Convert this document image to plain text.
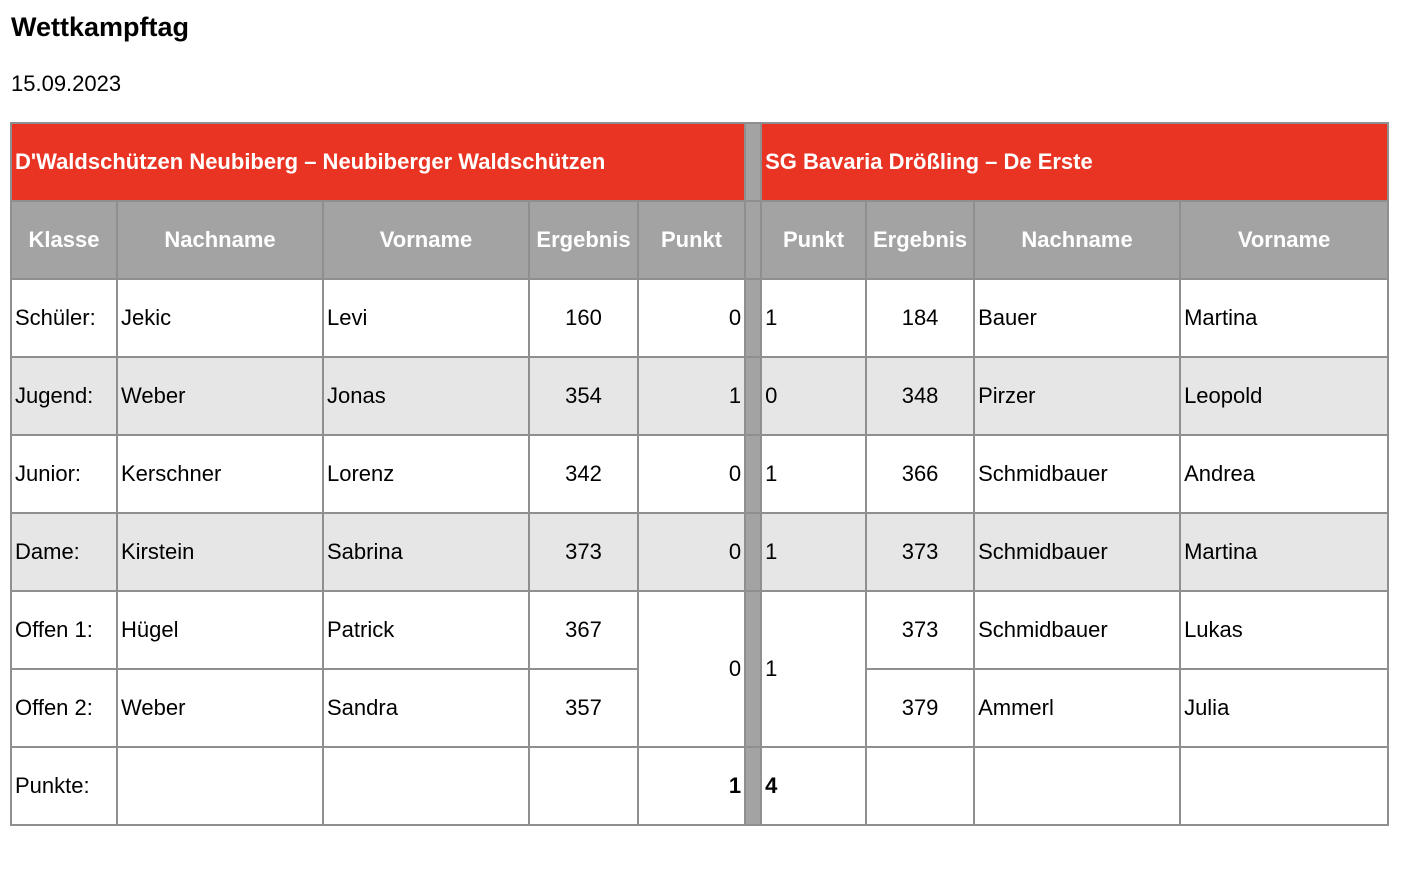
Wettkampftag

15.09.2023

D'Waldschützen Neubiberg – Neubiberger Waldschützen						SG Bavaria Drößling – De Erste			
Klasse	Nachname	Vorname	Ergebnis	Punkt		Punkt	Ergebnis	Nachname	Vorname
Schüler:	Jekic	Levi	160	0		1	184	Bauer	Martina
Jugend:	Weber	Jonas	354	1		0	348	Pirzer	Leopold
Junior:	Kerschner	Lorenz	342	0		1	366	Schmidbauer	Andrea
Dame:	Kirstein	Sabrina	373	0		1	373	Schmidbauer	Martina
Offen 1:	Hügel	Patrick	367	0		1	373	Schmidbauer	Lukas
Offen 2:	Weber	Sandra	357				379	Ammerl	Julia
Punkte:				1		4			
